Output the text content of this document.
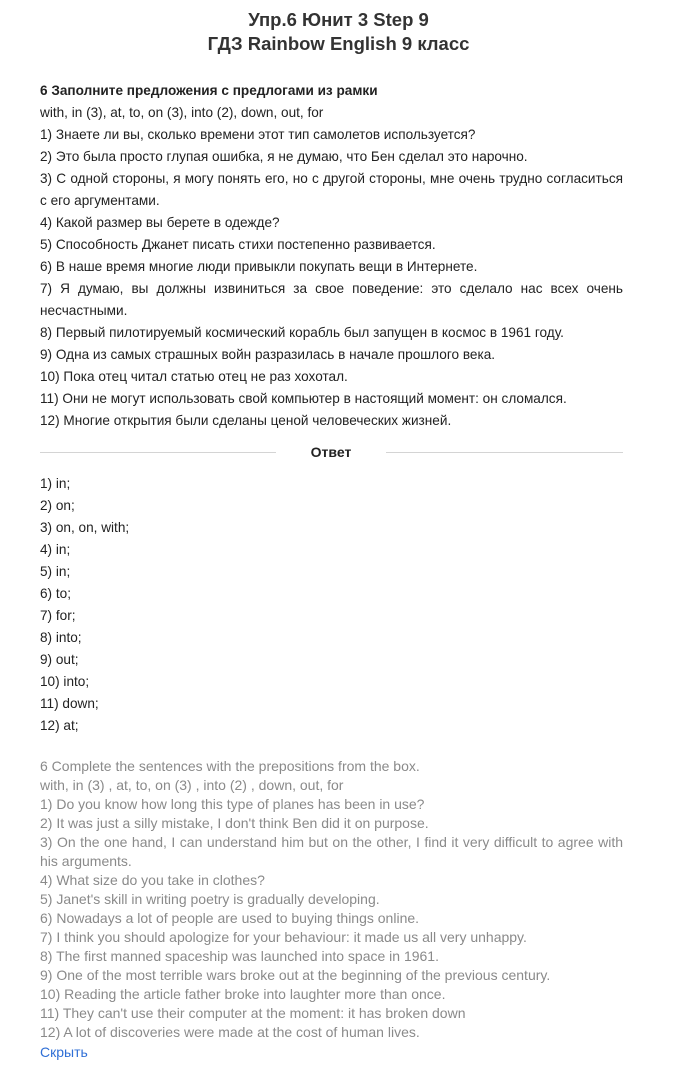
Упр.6 Юнит 3 Step 9
ГДЗ Rainbow English 9 класс
6 Заполните предложения с предлогами из рамки
with, in (3), at, to, on (3), into (2), down, out, for
1) Знаете ли вы, сколько времени этот тип самолетов используется?
2) Это была просто глупая ошибка, я не думаю, что Бен сделал это нарочно.
3) С одной стороны, я могу понять его, но с другой стороны, мне очень трудно согласиться с его аргументами.
4) Какой размер вы берете в одежде?
5) Способность Джанет писать стихи постепенно развивается.
6) В наше время многие люди привыкли покупать вещи в Интернете.
7) Я думаю, вы должны извиниться за свое поведение: это сделало нас всех очень несчастными.
8) Первый пилотируемый космический корабль был запущен в космос в 1961 году.
9) Одна из самых страшных войн разразилась в начале прошлого века.
10) Пока отец читал статью отец не раз хохотал.
11) Они не могут использовать свой компьютер в настоящий момент: он сломался.
12) Многие открытия были сделаны ценой человеческих жизней.
Ответ
1) in;
2) on;
3) on, on, with;
4) in;
5) in;
6) to;
7) for;
8) into;
9) out;
10) into;
11) down;
12) at;
6 Complete the sentences with the prepositions from the box.
with, in (3) , at, to, on (3) , into (2) , down, out, for
1) Do you know how long this type of planes has been in use?
2) It was just a silly mistake, I don't think Ben did it on purpose.
3) On the one hand, I can understand him but on the other, I find it very difficult to agree with his arguments.
4) What size do you take in clothes?
5) Janet's skill in writing poetry is gradually developing.
6) Nowadays a lot of people are used to buying things online.
7) I think you should apologize for your behaviour: it made us all very unhappy.
8) The first manned spaceship was launched into space in 1961.
9) One of the most terrible wars broke out at the beginning of the previous century.
10) Reading the article father broke into laughter more than once.
11) They can't use their computer at the moment: it has broken down
12) A lot of discoveries were made at the cost of human lives.
Скрыть
